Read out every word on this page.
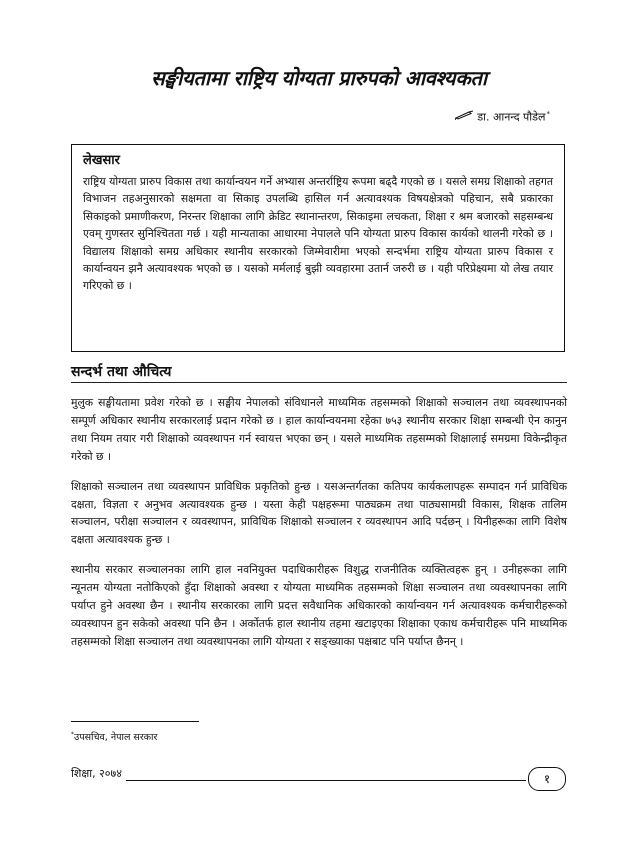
सङ्घीयतामा राष्ट्रिय योग्यता प्रारुपको आवश्यकता
डा. आनन्द पौडेल*
लेखसार

राष्ट्रिय योग्यता प्रारुप विकास तथा कार्यान्वयन गर्ने अभ्यास अन्तर्राष्ट्रिय रूपमा बढ्दै गएको छ । यसले समग्र शिक्षाको तहगत विभाजन तहअनुसारको सक्षमता वा सिकाइ उपलब्धि हासिल गर्न अत्यावश्यक विषयक्षेत्रको पहिचान, सबै प्रकारका सिकाइको प्रमाणीकरण, निरन्तर शिक्षाका लागि क्रेडिट स्थानान्तरण, सिकाइमा लचकता, शिक्षा र श्रम बजारको सहसम्बन्ध एवम् गुणस्तर सुनिश्चितता गर्छ । यही मान्यताका आधारमा नेपालले पनि योग्यता प्रारुप विकास कार्यको थालनी गरेको छ । विद्यालय शिक्षाको समग्र अधिकार स्थानीय सरकारको जिम्मेवारीमा भएको सन्दर्भमा राष्ट्रिय योग्यता प्रारुप विकास र कार्यान्वयन झनै अत्यावश्यक भएको छ । यसको मर्मलाई बुझी व्यवहारमा उतार्न जरुरी छ । यही परिप्रेक्ष्यमा यो लेख तयार गरिएको छ ।

सन्दर्भ तथा औचित्य

मुलुक सङ्घीयतामा प्रवेश गरेको छ । सङ्घीय नेपालको संविधानले माध्यमिक तहसम्मको शिक्षाको सञ्चालन तथा व्यवस्थापनको सम्पूर्ण अधिकार स्थानीय सरकारलाई प्रदान गरेको छ । हाल कार्यान्वयनमा रहेका ७५३ स्थानीय सरकार शिक्षा सम्बन्धी ऐन कानुन तथा नियम तयार गरी शिक्षाको व्यवस्थापन गर्न स्वायत्त भएका छन् । यसले माध्यमिक तहसम्मको शिक्षालाई समग्रमा विकेन्द्रीकृत गरेको छ ।

शिक्षाको सञ्चालन तथा व्यवस्थापन प्राविधिक प्रकृतिको हुन्छ । यसअन्तर्गतका कतिपय कार्यकलापहरू सम्पादन गर्न प्राविधिक दक्षता, विज्ञता र अनुभव अत्यावश्यक हुन्छ । यस्ता केही पक्षहरूमा पाठ्यक्रम तथा पाठ्यसामग्री विकास, शिक्षक तालिम सञ्चालन, परीक्षा सञ्चालन र व्यवस्थापन, प्राविधिक शिक्षाको सञ्चालन र व्यवस्थापन आदि पर्दछन् । यिनीहरूका लागि विशेष दक्षता अत्यावश्यक हुन्छ ।

स्थानीय सरकार सञ्चालनका लागि हाल नवनियुक्त पदाधिकारीहरू विशुद्ध राजनीतिक व्यक्तित्वहरू हुन् । उनीहरूका लागि न्यूनतम योग्यता नतोकिएको हुँदा शिक्षाको अवस्था र योग्यता माध्यमिक तहसम्मको शिक्षा सञ्चालन तथा व्यवस्थापनका लागि पर्याप्त हुने अवस्था छैन । स्थानीय सरकारका लागि प्रदत्त सवैधानिक अधिकारको कार्यान्वयन गर्न अत्यावश्यक कर्मचारीहरूको व्यवस्थापन हुन सकेको अवस्था पनि छैन । अर्कोतर्फ हाल स्थानीय तहमा खटाइएका शिक्षाका एकाध कर्मचारीहरू पनि माध्यमिक तहसम्मको शिक्षा सञ्चालन तथा व्यवस्थापनका लागि योग्यता र सङ्ख्याका पक्षबाट पनि पर्याप्त छैनन् ।

*उपसचिव, नेपाल सरकार
शिक्षा, २०७४	१
